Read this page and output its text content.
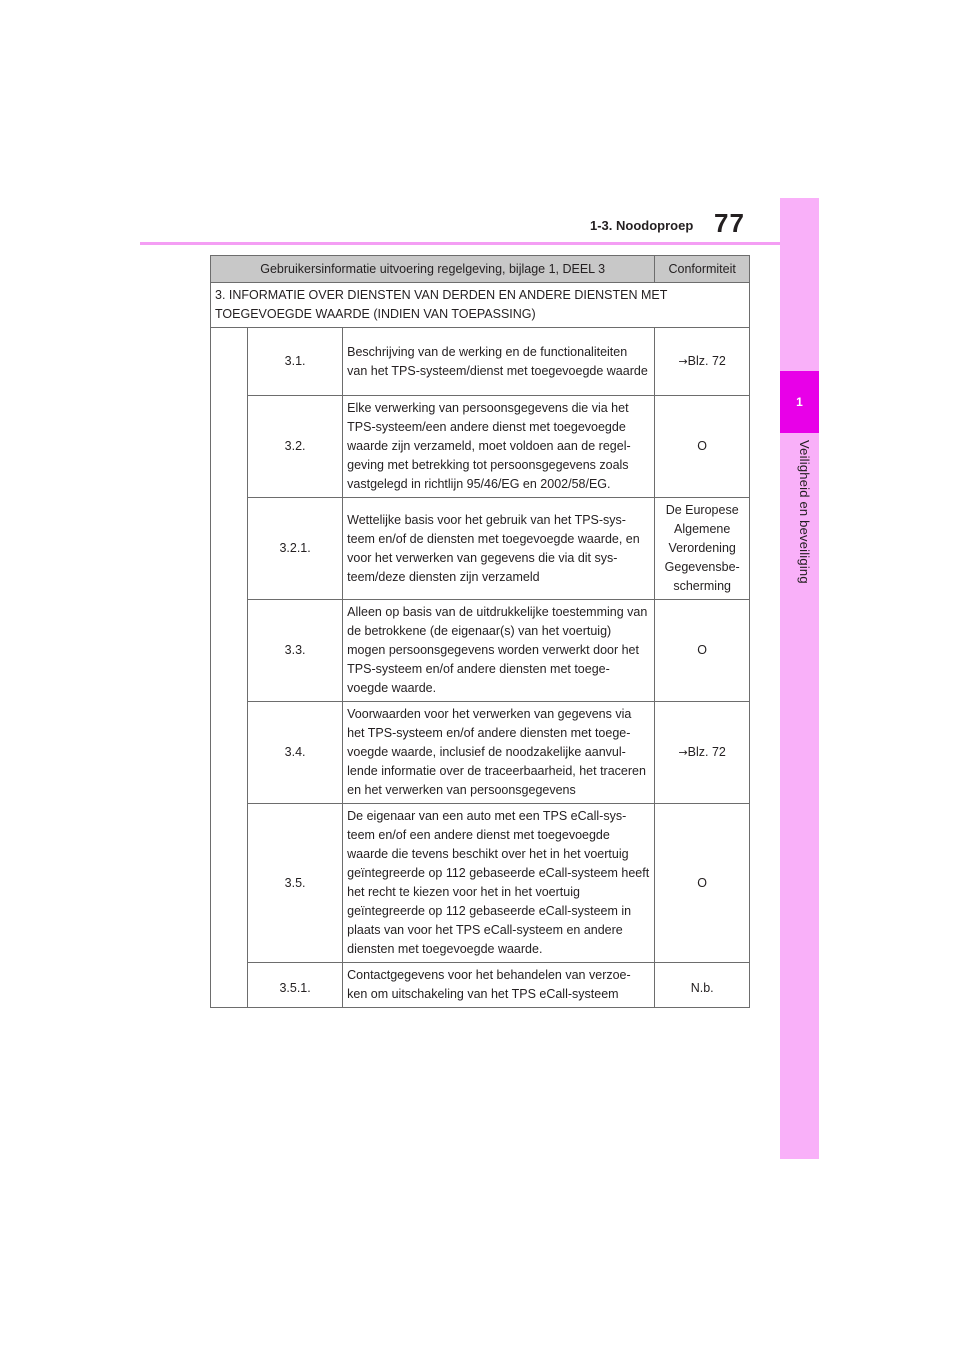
77
1-3. Noodoproep
1
Veiligheid en beveiliging
Gebruikersinformatie uitvoering regelgeving, bijlage 1, DEEL 3			Conformiteit
3. INFORMATIE OVER DIENSTEN VAN DERDEN EN ANDERE DIENSTEN MET TOEGEVOEGDE WAARDE (INDIEN VAN TOEPASSING)			
	3.1.	Beschrijving van de werking en de functionaliteiten van het TPS-systeem/dienst met toegevoegde waarde	→Blz. 72
	3.2.	Elke verwerking van persoonsgegevens die via het TPS-systeem/een andere dienst met toegevoegde waarde zijn verzameld, moet voldoen aan de regel-geving met betrekking tot persoonsgegevens zoals vastgelegd in richtlijn 95/46/EG en 2002/58/EG.	O
	3.2.1.	Wettelijke basis voor het gebruik van het TPS-sys-teem en/of de diensten met toegevoegde waarde, en voor het verwerken van gegevens die via dit sys-teem/deze diensten zijn verzameld	De Europese Algemene Verordening Gegevensbe-scherming
	3.3.	Alleen op basis van de uitdrukkelijke toestemming van de betrokkene (de eigenaar(s) van het voertuig) mogen persoonsgegevens worden verwerkt door het TPS-systeem en/of andere diensten met toege-voegde waarde.	O
	3.4.	Voorwaarden voor het verwerken van gegevens via het TPS-systeem en/of andere diensten met toege-voegde waarde, inclusief de noodzakelijke aanvul-lende informatie over de traceerbaarheid, het traceren en het verwerken van persoonsgegevens	→Blz. 72
	3.5.	De eigenaar van een auto met een TPS eCall-sys-teem en/of een andere dienst met toegevoegde waarde die tevens beschikt over het in het voertuig geïntegreerde op 112 gebaseerde eCall-systeem heeft het recht te kiezen voor het in het voertuig geïntegreerde op 112 gebaseerde eCall-systeem in plaats van voor het TPS eCall-systeem en andere diensten met toegevoegde waarde.	O
	3.5.1.	Contactgegevens voor het behandelen van verzoe-ken om uitschakeling van het TPS eCall-systeem	N.b.
